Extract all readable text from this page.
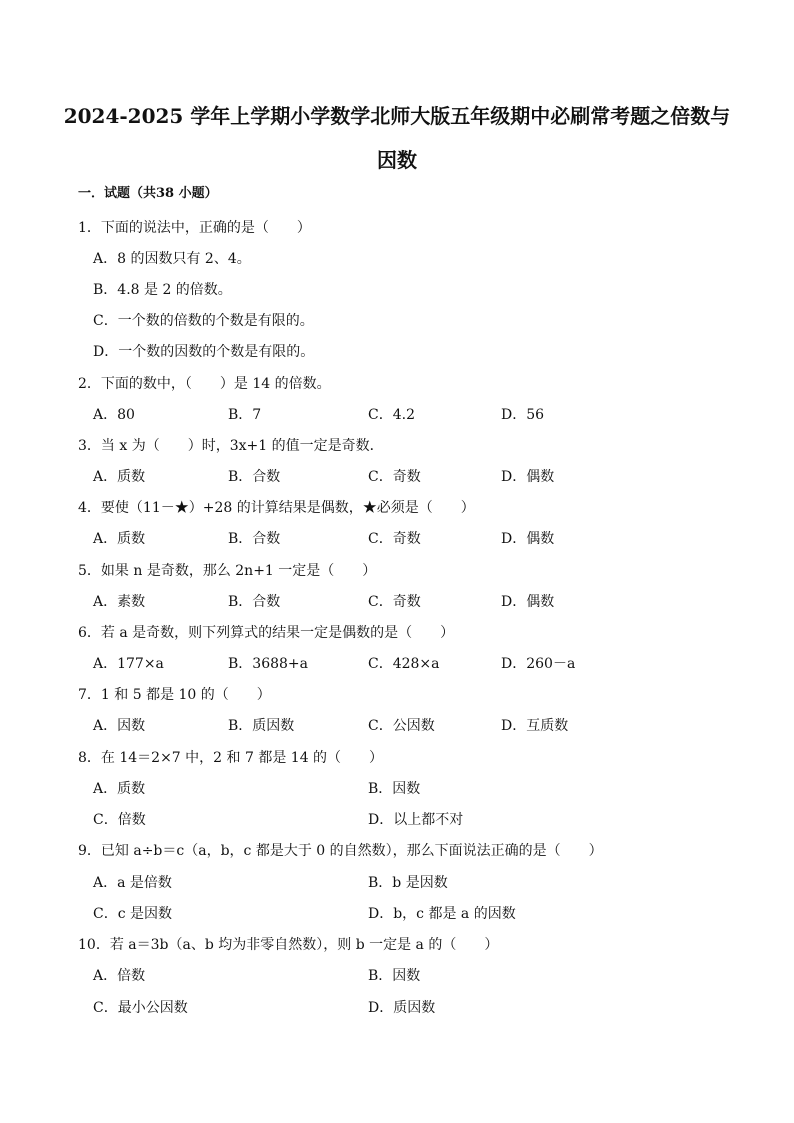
2024-2025 学年上学期小学数学北师大版五年级期中必刷常考题之倍数与
因数
一．试题（共38 小题）
1．下面的说法中，正确的是（　　）
A．8 的因数只有 2、4。
B．4.8 是 2 的倍数。
C．一个数的倍数的个数是有限的。
D．一个数的因数的个数是有限的。
2．下面的数中，（　　）是 14 的倍数。
A．80	B．7	C．4.2	D．56
3．当 x 为（　　）时，3x+1 的值一定是奇数．
A．质数	B．合数	C．奇数	D．偶数
4．要使（11－★）+28 的计算结果是偶数，★必须是（　　）
A．质数	B．合数	C．奇数	D．偶数
5．如果 n 是奇数，那么 2n+1 一定是（　　）
A．素数	B．合数	C．奇数	D．偶数
6．若 a 是奇数，则下列算式的结果一定是偶数的是（　　）
A．177×a	B．3688+a	C．428×a	D．260－a
7．1 和 5 都是 10 的（　　）
A．因数	B．质因数	C．公因数	D．互质数
8．在 14＝2×7 中，2 和 7 都是 14 的（　　）
A．质数	B．因数
C．倍数	D．以上都不对
9．已知 a÷b＝c（a，b，c 都是大于 0 的自然数），那么下面说法正确的是（　　）
A．a 是倍数	B．b 是因数
C．c 是因数	D．b，c 都是 a 的因数
10．若 a＝3b（a、b 均为非零自然数），则 b 一定是 a 的（　　）
A．倍数	B．因数
C．最小公因数	D．质因数
